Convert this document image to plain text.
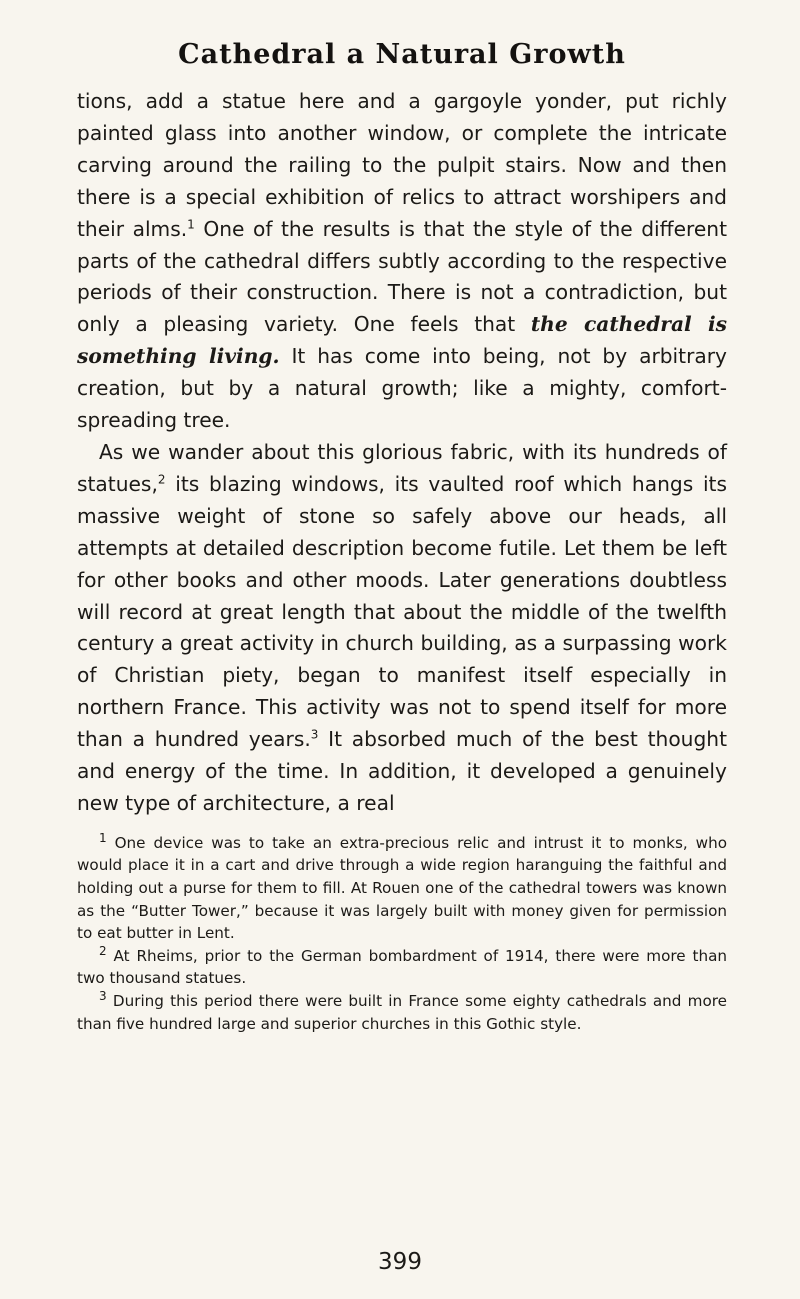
Cathedral a Natural Growth

tions, add a statue here and a gargoyle yonder, put richly painted glass into another window, or complete the intricate carving around the railing to the pulpit stairs. Now and then there is a special exhibition of relics to attract worshipers and their alms.$^1$ One of the results is that the style of the different parts of the cathedral differs subtly according to the respective periods of their construction. There is not a contradiction, but only a pleasing variety. One feels that the cathedral is something living. It has come into being, not by arbitrary creation, but by a natural growth; like a mighty, comfort-spreading tree.

As we wander about this glorious fabric, with its hundreds of statues,$^2$ its blazing windows, its vaulted roof which hangs its massive weight of stone so safely above our heads, all attempts at detailed description become futile. Let them be left for other books and other moods. Later generations doubtless will record at great length that about the middle of the twelfth century a great activity in church building, as a surpassing work of Christian piety, began to manifest itself especially in northern France. This activity was not to spend itself for more than a hundred years.$^3$ It absorbed much of the best thought and energy of the time. In addition, it developed a genuinely new type of architecture, a real

$^1$ One device was to take an extra-precious relic and intrust it to monks, who would place it in a cart and drive through a wide region haranguing the faithful and holding out a purse for them to fill. At Rouen one of the cathedral towers was known as the “Butter Tower,” because it was largely built with money given for permission to eat butter in Lent.

$^2$ At Rheims, prior to the German bombardment of 1914, there were more than two thousand statues.

$^3$ During this period there were built in France some eighty cathedrals and more than five hundred large and superior churches in this Gothic style.

399
